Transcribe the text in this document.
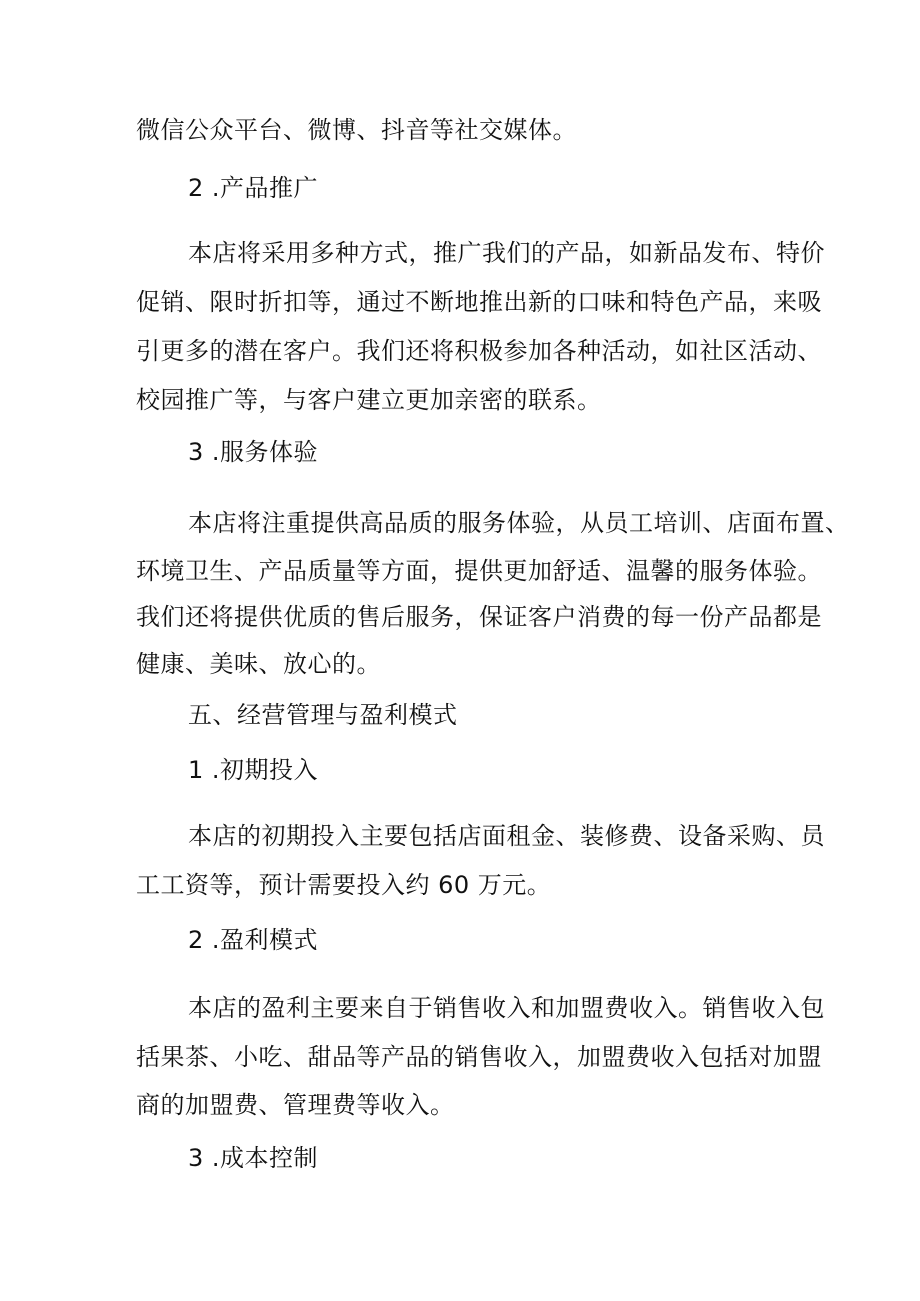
微信公众平台、微博、抖音等社交媒体。
2 .产品推广
本店将采用多种方式，推广我们的产品，如新品发布、特价
促销、限时折扣等，通过不断地推出新的口味和特色产品，来吸
引更多的潜在客户。我们还将积极参加各种活动，如社区活动、
校园推广等，与客户建立更加亲密的联系。
3 .服务体验
本店将注重提供高品质的服务体验，从员工培训、店面布置、
环境卫生、产品质量等方面，提供更加舒适、温馨的服务体验。
我们还将提供优质的售后服务，保证客户消费的每一份产品都是
健康、美味、放心的。
五、经营管理与盈利模式
1 .初期投入
本店的初期投入主要包括店面租金、装修费、设备采购、员
工工资等，预计需要投入约 60 万元。
2 .盈利模式
本店的盈利主要来自于销售收入和加盟费收入。销售收入包
括果茶、小吃、甜品等产品的销售收入，加盟费收入包括对加盟
商的加盟费、管理费等收入。
3 .成本控制
